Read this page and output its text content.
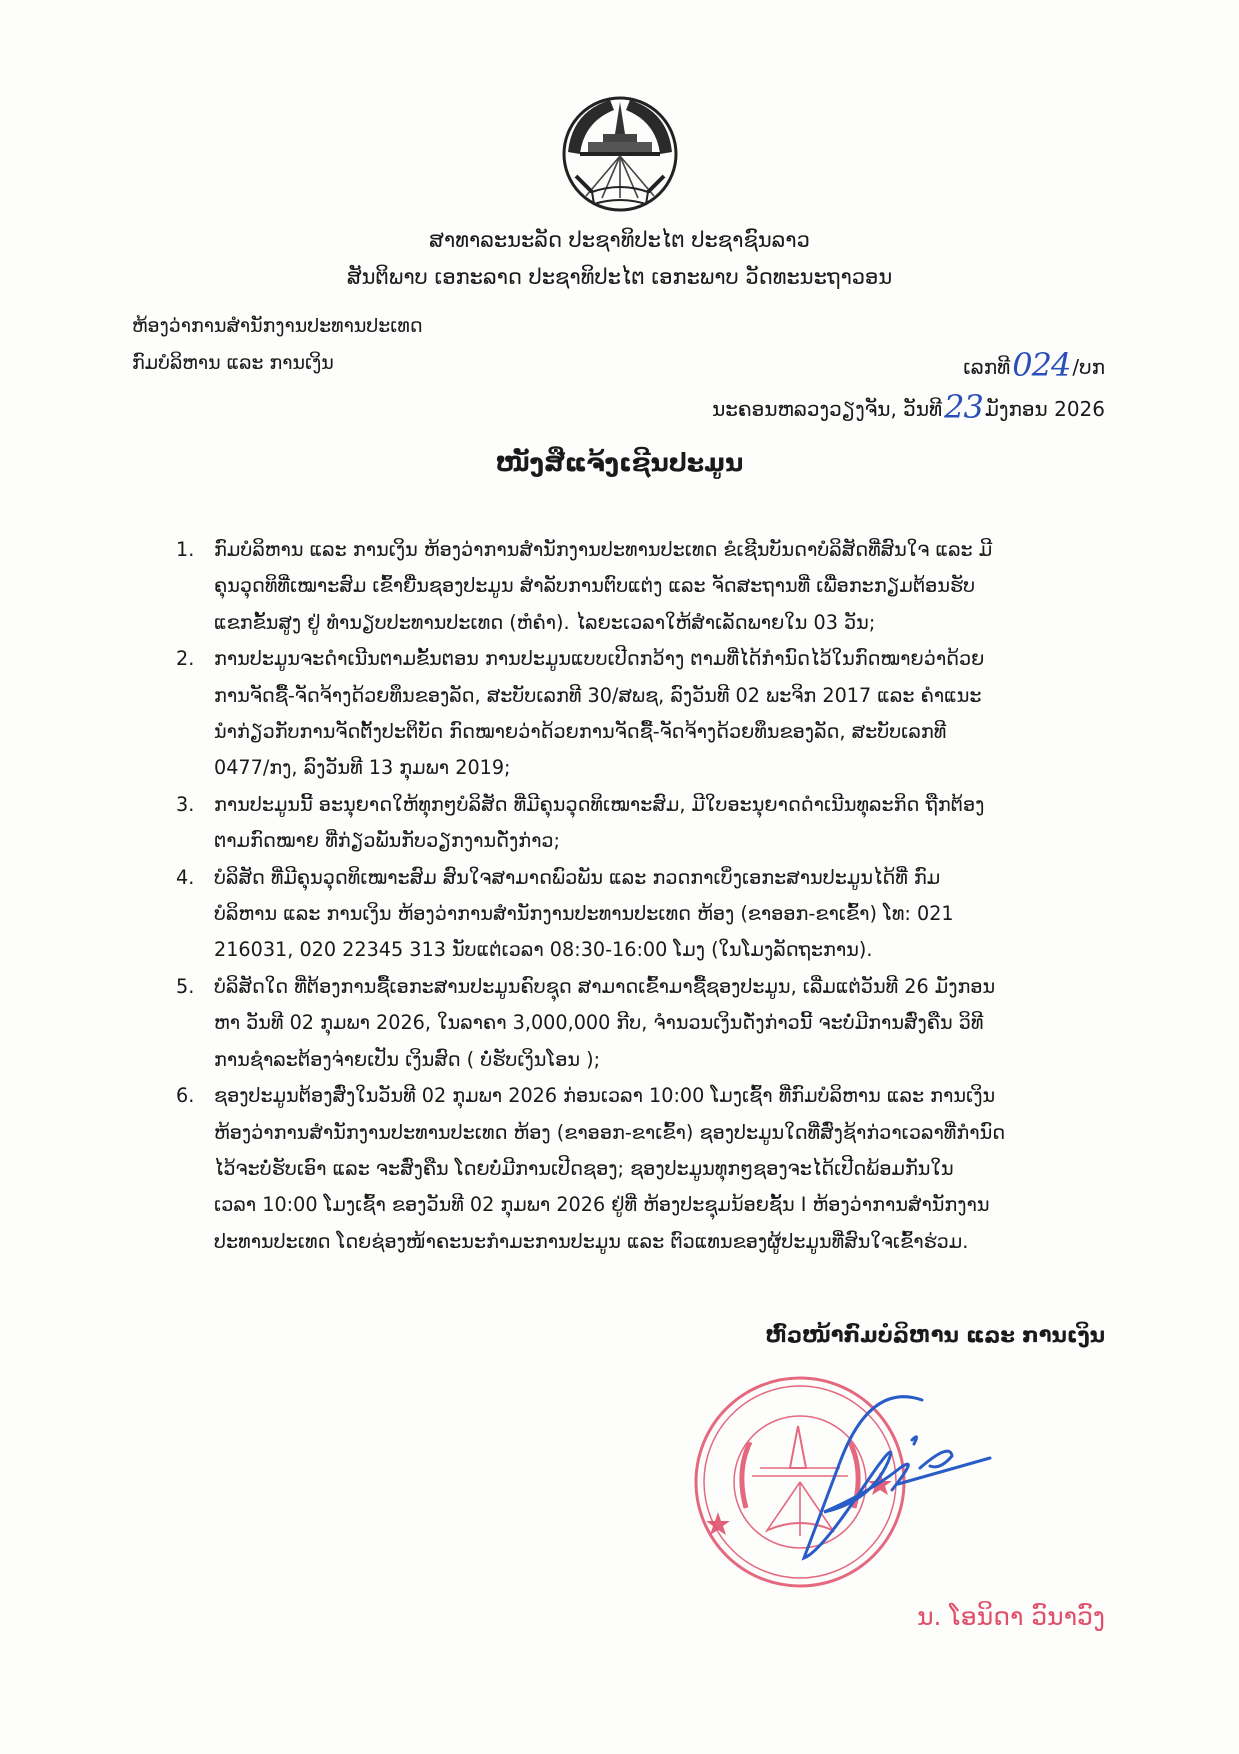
ສາທາລະນະລັດ ປະຊາທິປະໄຕ ປະຊາຊົນລາວ
ສັນຕິພາບ ເອກະລາດ ປະຊາທິປະໄຕ ເອກະພາບ ວັດທະນະຖາວອນ
ຫ້ອງວ່າການສຳນັກງານປະທານປະເທດ
ກົມບໍລິຫານ ແລະ ການເງິນ	ເລກທີ024 /ບກ
ນະຄອນຫລວງວຽງຈັນ, ວັນທີ23 ມັງກອນ 2026
ໜັງສືແຈ້ງເຊີນປະມູນ
1. ກົມບໍລິຫານ ແລະ ການເງິນ ຫ້ອງວ່າການສຳນັກງານປະທານປະເທດ ຂໍເຊີນບັນດາບໍລິສັດທີ່ສົນໃຈ ແລະ ມີ
ຄຸນວຸດທິທີ່ເໝາະສົມ ເຂົ້າຍື່ນຊອງປະມູນ ສຳລັບການຕົບແຕ່ງ ແລະ ຈັດສະຖານທີ່ ເພື່ອກະກຽມຕ້ອນຮັບ
ແຂກຂັ້ນສູງ ຢູ່ ທຳນຽບປະທານປະເທດ (ຫໍຄຳ). ໄລຍະເວລາໃຫ້ສຳເລັດພາຍໃນ 03 ວັນ;
2. ການປະມູນຈະດຳເນີນຕາມຂັ້ນຕອນ ການປະມູນແບບເປີດກວ້າງ ຕາມທີ່ໄດ້ກຳນົດໄວ້ໃນກົດໝາຍວ່າດ້ວຍ
ການຈັດຊື້-ຈັດຈ້າງດ້ວຍທຶນຂອງລັດ, ສະບັບເລກທີ 30/ສພຊ, ລົງວັນທີ 02 ພະຈິກ 2017 ແລະ ຄຳແນະ
ນຳກ່ຽວກັບການຈັດຕັ້ງປະຕິບັດ ກົດໝາຍວ່າດ້ວຍການຈັດຊື້-ຈັດຈ້າງດ້ວຍທຶນຂອງລັດ, ສະບັບເລກທີ
0477/ກງ, ລົງວັນທີ 13 ກຸມພາ 2019;
3. ການປະມູນນີ້ ອະນຸຍາດໃຫ້ທຸກໆບໍລິສັດ ທີ່ມີຄຸນວຸດທິເໝາະສົມ, ມີໃບອະນຸຍາດດຳເນີນທຸລະກິດ ຖືກຕ້ອງ
ຕາມກົດໝາຍ ທີ່ກ່ຽວພັນກັບວຽກງານດັ່ງກ່າວ;
4. ບໍລິສັດ ທີ່ມີຄຸນວຸດທິເໝາະສົມ ສົນໃຈສາມາດພົວພັນ ແລະ ກວດກາເບິ່ງເອກະສານປະມູນໄດ້ທີ່ ກົມ
ບໍລິຫານ ແລະ ການເງິນ ຫ້ອງວ່າການສຳນັກງານປະທານປະເທດ ຫ້ອງ (ຂາອອກ-ຂາເຂົ້າ) ໂທ: 021
216031, 020 22345 313 ນັບແຕ່ເວລາ 08:30-16:00 ໂມງ (ໃນໂມງລັດຖະການ).
5. ບໍລິສັດໃດ ທີ່ຕ້ອງການຊື້ເອກະສານປະມູນຄົບຊຸດ ສາມາດເຂົ້າມາຊື້ຊອງປະມູນ, ເລີ່ມແຕ່ວັນທີ 26 ມັງກອນ
ຫາ ວັນທີ 02 ກຸມພາ 2026, ໃນລາຄາ 3,000,000 ກີບ, ຈຳນວນເງິນດັ່ງກ່າວນີ້ ຈະບໍ່ມີການສົ່ງຄືນ ວິທີ
ການຊຳລະຕ້ອງຈ່າຍເປັນ ເງິນສົດ ( ບໍ່ຮັບເງິນໂອນ );
6. ຊອງປະມູນຕ້ອງສົ່ງໃນວັນທີ 02 ກຸມພາ 2026 ກ່ອນເວລາ 10:00 ໂມງເຊົ້າ ທີ່ກົມບໍລິຫານ ແລະ ການເງິນ
ຫ້ອງວ່າການສຳນັກງານປະທານປະເທດ ຫ້ອງ (ຂາອອກ-ຂາເຂົ້າ) ຊອງປະມູນໃດທີ່ສົ່ງຊ້າກ່ວາເວລາທີ່ກຳນົດ
ໄວ້ຈະບໍ່ຮັບເອົາ ແລະ ຈະສົ່ງຄືນ ໂດຍບໍ່ມີການເປີດຊອງ; ຊອງປະມູນທຸກໆຊອງຈະໄດ້ເປີດພ້ອມກັນໃນ
ເວລາ 10:00 ໂມງເຊົ້າ ຂອງວັນທີ 02 ກຸມພາ 2026 ຢູ່ທີ່ ຫ້ອງປະຊຸມນ້ອຍຊັ້ນ I ຫ້ອງວ່າການສຳນັກງານ
ປະທານປະເທດ ໂດຍຊ່ອງໜ້າຄະນະກຳມະການປະມູນ ແລະ ຕົວແທນຂອງຜູ້ປະມູນທີ່ສົນໃຈເຂົ້າຮ່ວມ.
ຫົວໜ້າກົມບໍລິຫານ ແລະ ການເງິນ
ນ. ໂອນິດາ ວົນາວົງ
